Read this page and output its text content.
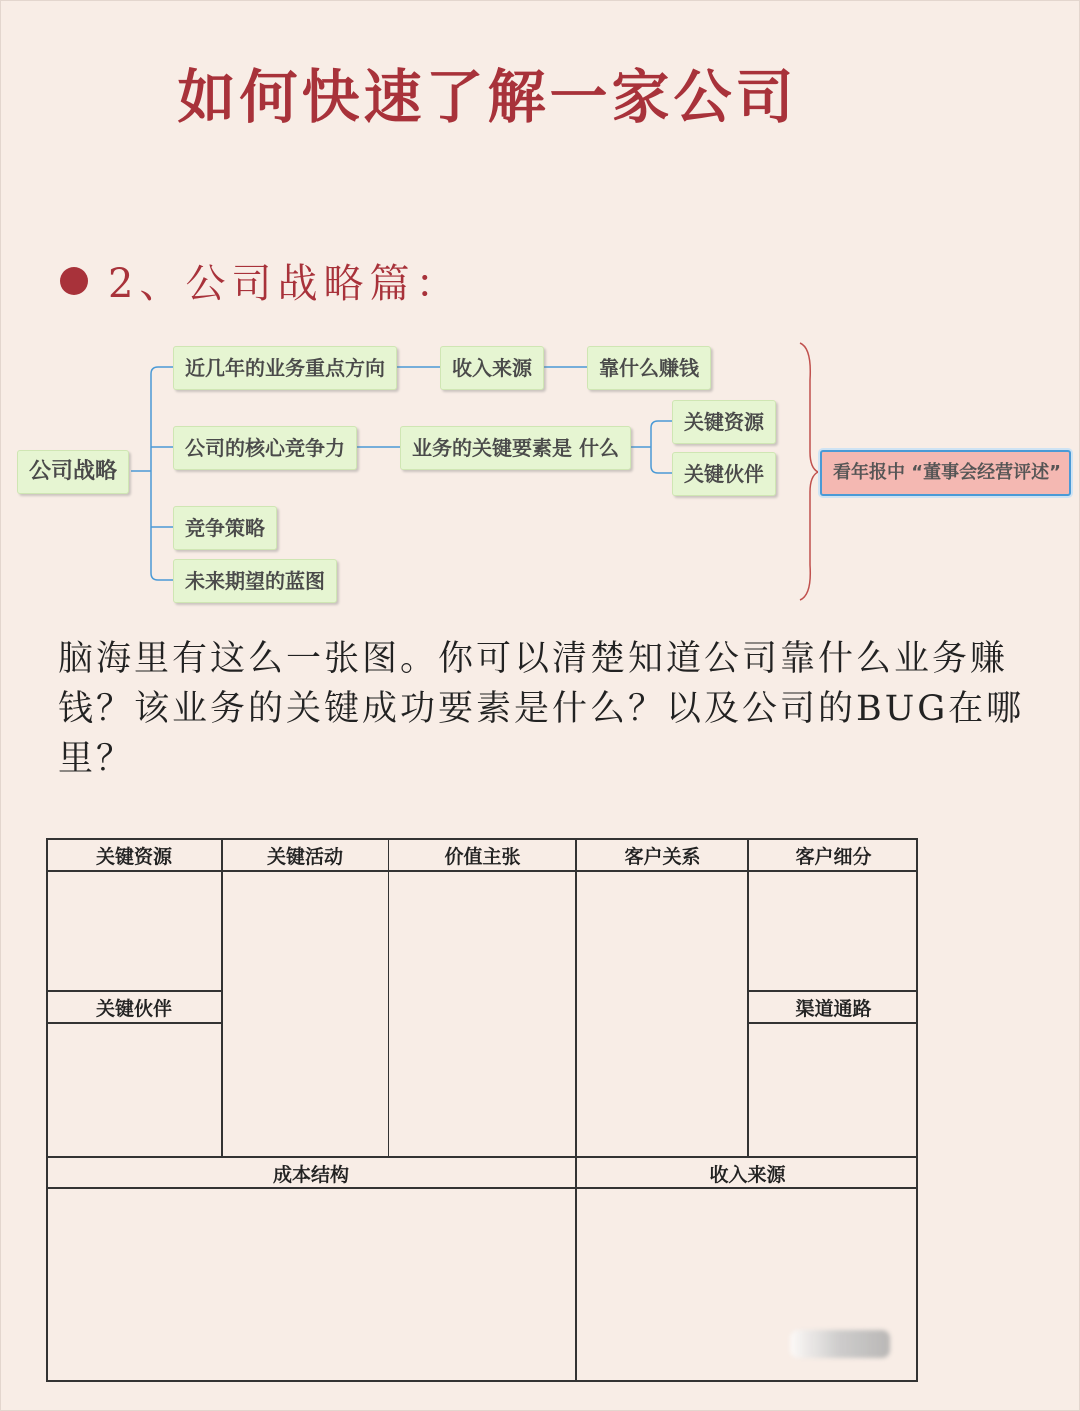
如何快速了解一家公司
2、公司战略篇：
公司战略
近几年的业务重点方向	收入来源	靠什么赚钱
公司的核心竞争力	业务的关键要素是 什么
关键资源
关键伙伴
竞争策略
未来期望的蓝图
看年报中 “董事会经营评述”
脑海里有这么一张图。你可以清楚知道公司靠什么业务赚钱？该业务的关键成功要素是什么？以及公司的BUG在哪里？
关键资源	关键活动	价值主张	客户关系	客户细分
关键伙伴	渠道通路
成本结构	收入来源
